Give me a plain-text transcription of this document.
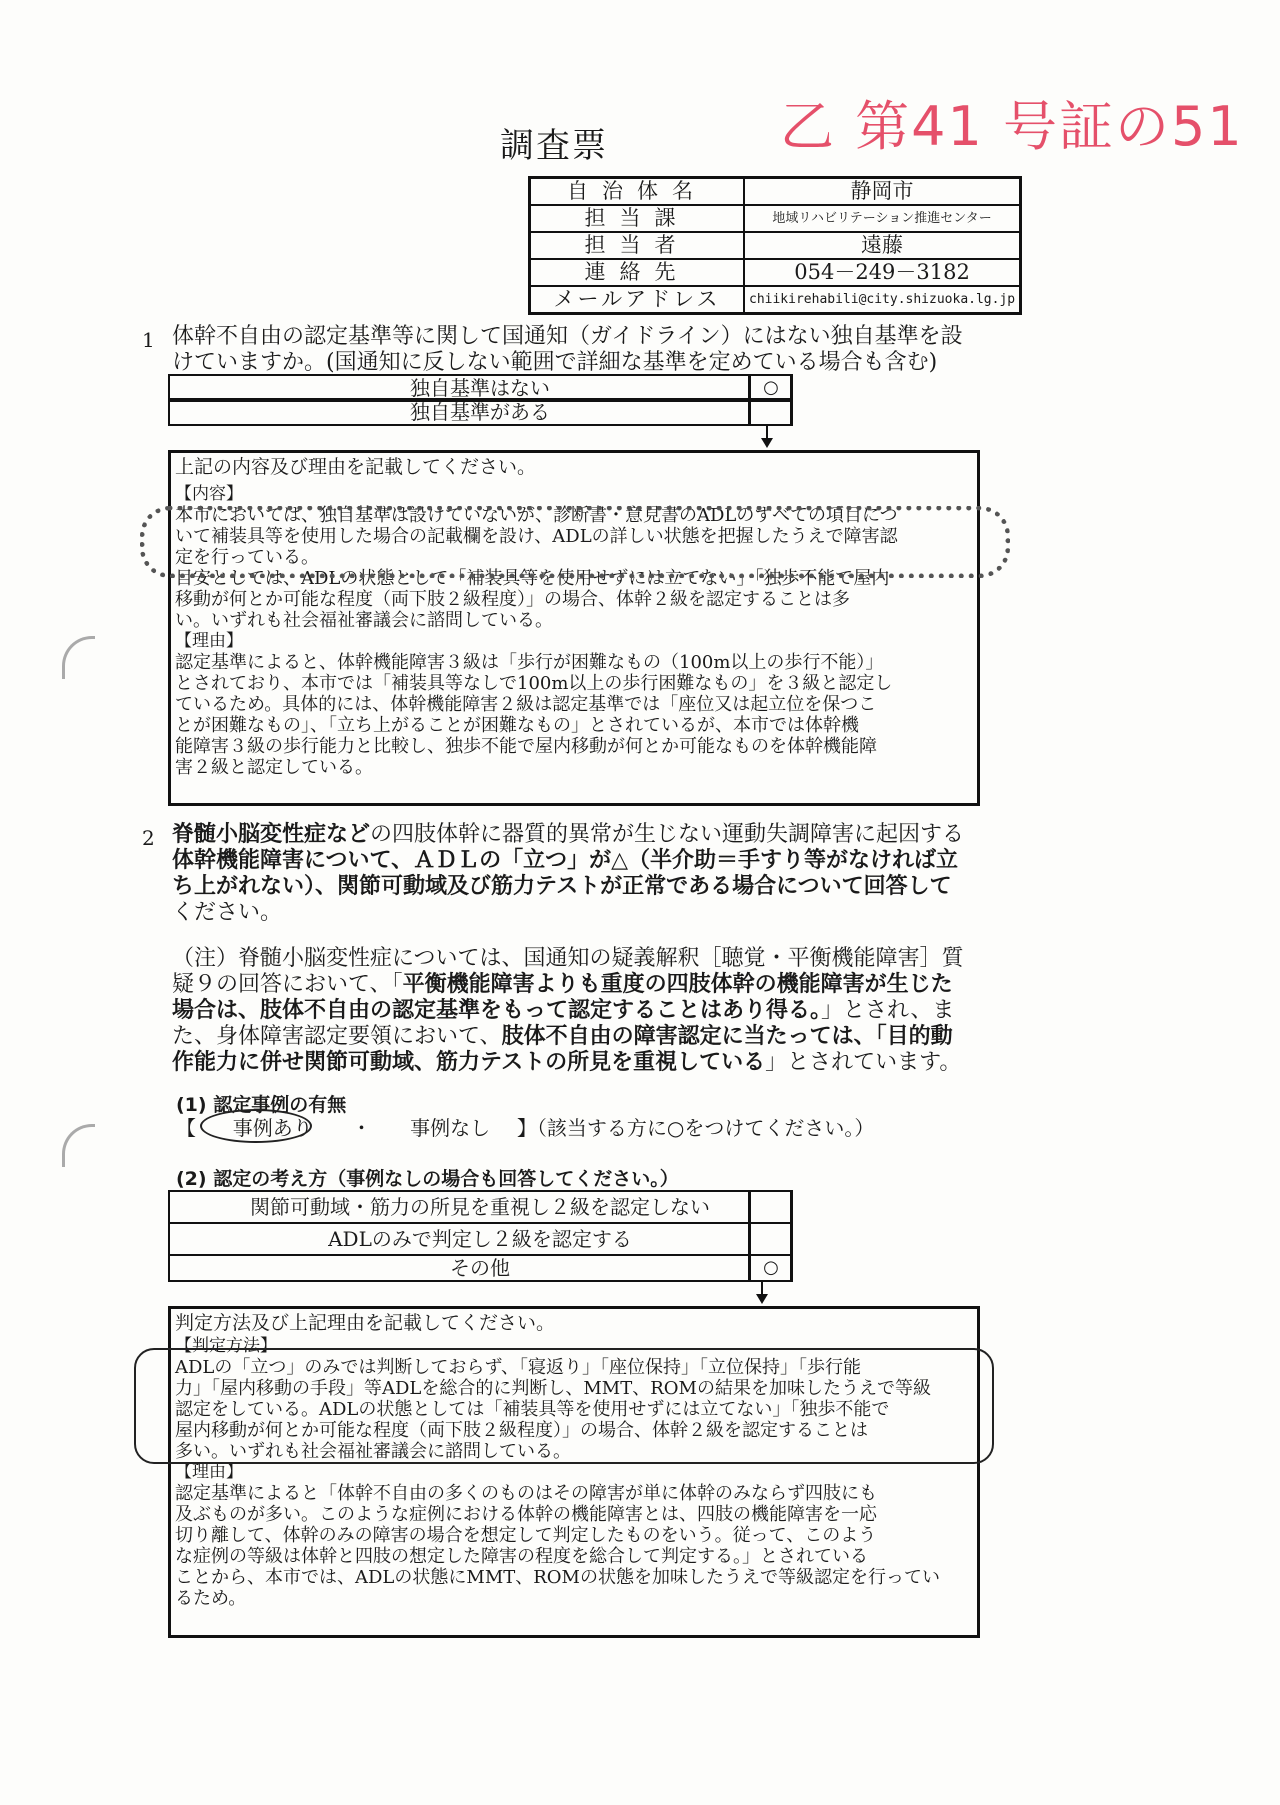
乙 第41 号証の51
調査票
自治体名	静岡市
担当課	地域リハビリテーション推進センター
担当者	遠藤
連絡先	054－249－3182
メールアドレス	chiikirehabili@city.shizuoka.lg.jp
1 体幹不自由の認定基準等に関して国通知（ガイドライン）にはない独自基準を設
けていますか。(国通知に反しない範囲で詳細な基準を定めている場合も含む)
独自基準はない	○
独自基準がある

上記の内容及び理由を記載してください。

【内容】

本市においては、独自基準は設けていないが、診断書・意見書のADLのすべての項目につ

いて補装具等を使用した場合の記載欄を設け、ADLの詳しい状態を把握したうえで障害認

定を行っている。

目安としては、ADLの状態として「補装具等を使用せずには立てない」「独歩不能で屋内

移動が何とか可能な程度（両下肢２級程度）」の場合、体幹２級を認定することは多

い。いずれも社会福祉審議会に諮問している。

【理由】

認定基準によると、体幹機能障害３級は「歩行が困難なもの（100m以上の歩行不能）」

とされており、本市では「補装具等なしで100m以上の歩行困難なもの」を３級と認定し

ているため。具体的には、体幹機能障害２級は認定基準では「座位又は起立位を保つこ

とが困難なもの」、「立ち上がることが困難なもの」とされているが、本市では体幹機

能障害３級の歩行能力と比較し、独歩不能で屋内移動が何とか可能なものを体幹機能障

害２級と認定している。

2 脊髄小脳変性症などの四肢体幹に器質的異常が生じない運動失調障害に起因する
体幹機能障害について、ＡＤＬの「立つ」が△（半介助＝手すり等がなければ立
ち上がれない）、関節可動域及び筋力テストが正常である場合について回答して
ください。
（注）脊髄小脳変性症については、国通知の疑義解釈［聴覚・平衡機能障害］質
疑９の回答において、「平衡機能障害よりも重度の四肢体幹の機能障害が生じた
場合は、肢体不自由の認定基準をもって認定することはあり得る。」とされ、ま
た、身体障害認定要領において、肢体不自由の障害認定に当たっては、「目的動
作能力に併せ関節可動域、筋力テストの所見を重視している」とされています。
(1) 認定事例の有無
【 事例あり ・ 事例なし 】（該当する方に○をつけてください。）
(2) 認定の考え方（事例なしの場合も回答してください。）
関節可動域・筋力の所見を重視し２級を認定しない
ADLのみで判定し２級を認定する
その他	○

判定方法及び上記理由を記載してください。

【判定方法】

ADLの「立つ」のみでは判断しておらず、「寝返り」「座位保持」「立位保持」「歩行能

力」「屋内移動の手段」等ADLを総合的に判断し、MMT、ROMの結果を加味したうえで等級

認定をしている。ADLの状態としては「補装具等を使用せずには立てない」「独歩不能で

屋内移動が何とか可能な程度（両下肢２級程度）」の場合、体幹２級を認定することは

多い。いずれも社会福祉審議会に諮問している。

【理由】

認定基準によると「体幹不自由の多くのものはその障害が単に体幹のみならず四肢にも

及ぶものが多い。このような症例における体幹の機能障害とは、四肢の機能障害を一応

切り離して、体幹のみの障害の場合を想定して判定したものをいう。従って、このよう

な症例の等級は体幹と四肢の想定した障害の程度を総合して判定する。」とされている

ことから、本市では、ADLの状態にMMT、ROMの状態を加味したうえで等級認定を行ってい

るため。
